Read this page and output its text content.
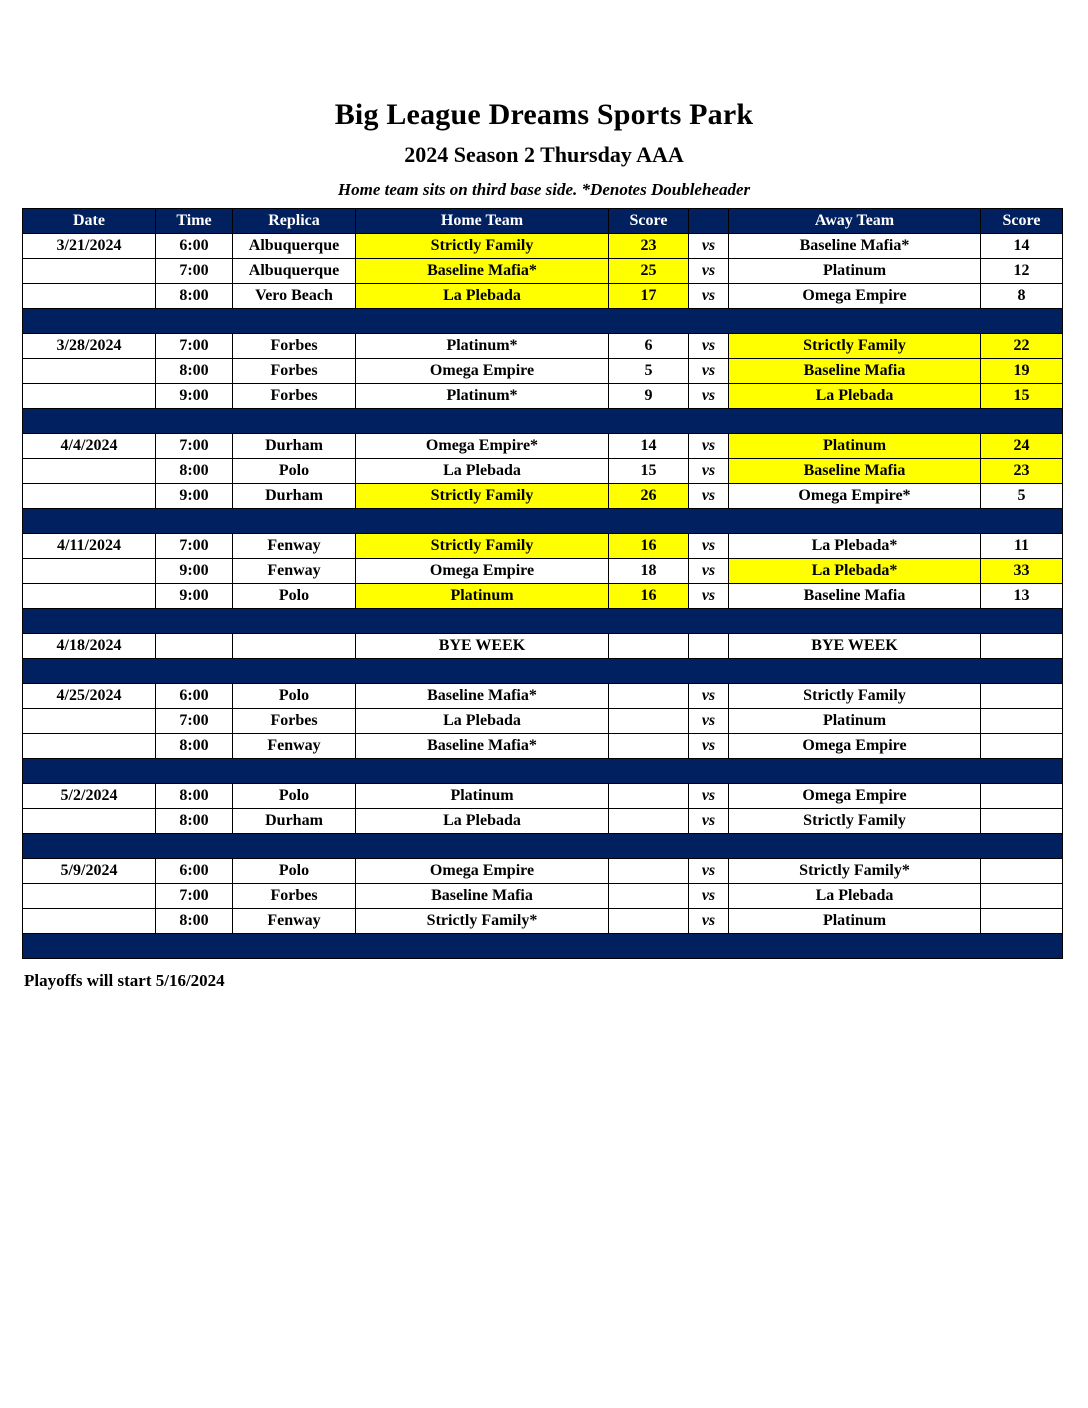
Big League Dreams Sports Park
2024 Season 2 Thursday AAA
Home team sits on third base side. *Denotes Doubleheader
Date	Time	Replica	Home Team	Score		Away Team	Score
3/21/2024	6:00	Albuquerque	Strictly Family	23	vs	Baseline Mafia*	14
	7:00	Albuquerque	Baseline Mafia*	25	vs	Platinum	12
	8:00	Vero Beach	La Plebada	17	vs	Omega Empire	8

3/28/2024	7:00	Forbes	Platinum*	6	vs	Strictly Family	22
	8:00	Forbes	Omega Empire	5	vs	Baseline Mafia	19
	9:00	Forbes	Platinum*	9	vs	La Plebada	15

4/4/2024	7:00	Durham	Omega Empire*	14	vs	Platinum	24
	8:00	Polo	La Plebada	15	vs	Baseline Mafia	23
	9:00	Durham	Strictly Family	26	vs	Omega Empire*	5

4/11/2024	7:00	Fenway	Strictly Family	16	vs	La Plebada*	11
	9:00	Fenway	Omega Empire	18	vs	La Plebada*	33
	9:00	Polo	Platinum	16	vs	Baseline Mafia	13

4/18/2024			BYE WEEK			BYE WEEK	

4/25/2024	6:00	Polo	Baseline Mafia*		vs	Strictly Family	
	7:00	Forbes	La Plebada		vs	Platinum	
	8:00	Fenway	Baseline Mafia*		vs	Omega Empire	

5/2/2024	8:00	Polo	Platinum		vs	Omega Empire	
	8:00	Durham	La Plebada		vs	Strictly Family	

5/9/2024	6:00	Polo	Omega Empire		vs	Strictly Family*	
	7:00	Forbes	Baseline Mafia		vs	La Plebada	
	8:00	Fenway	Strictly Family*		vs	Platinum	

Playoffs will start 5/16/2024
